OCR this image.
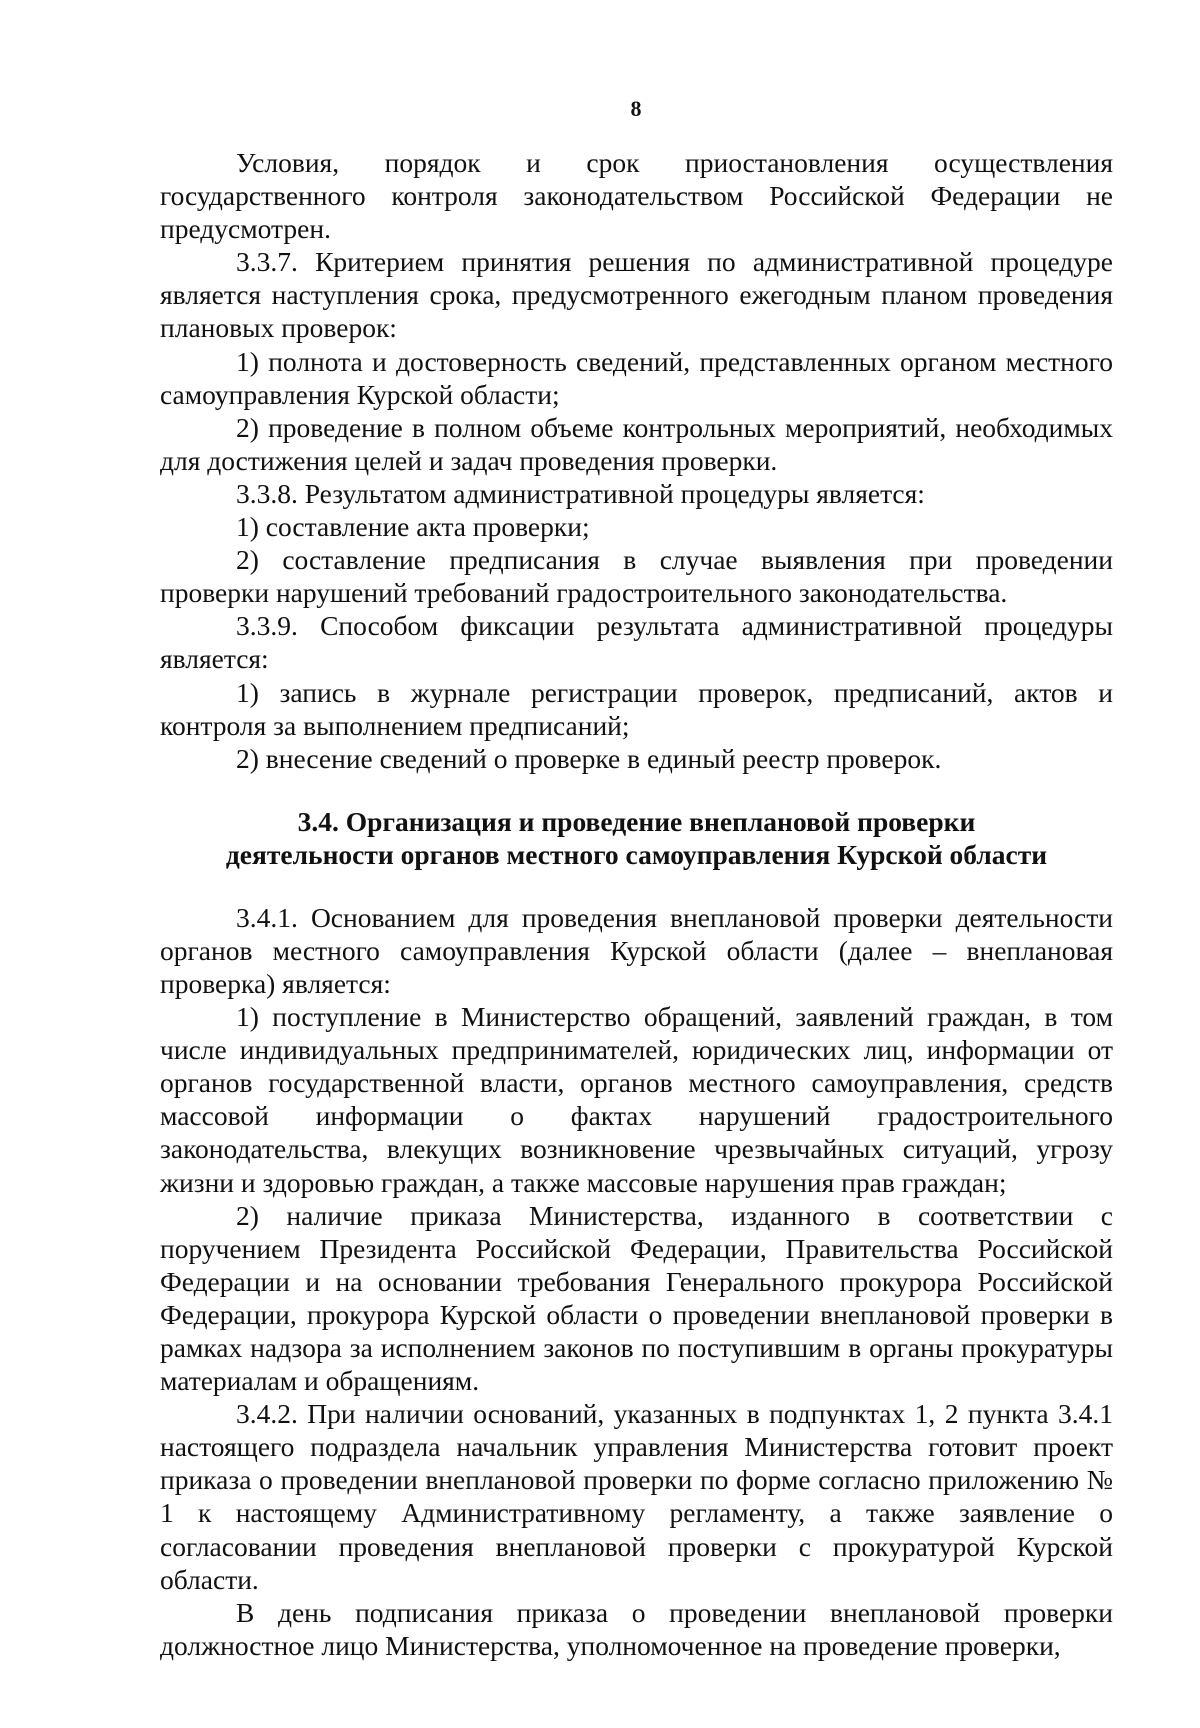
8

Условия, порядок и срок приостановления осуществления государственного контроля законодательством Российской Федерации не предусмотрен.

3.3.7. Критерием принятия решения по административной процедуре является наступления срока, предусмотренного ежегодным планом проведения плановых проверок:

1) полнота и достоверность сведений, представленных органом местного самоуправления Курской области;

2) проведение в полном объеме контрольных мероприятий, необходимых для достижения целей и задач проведения проверки.

3.3.8. Результатом административной процедуры является:

1) составление акта проверки;

2) составление предписания в случае выявления при проведении проверки нарушений требований градостроительного законодательства.

3.3.9. Способом фиксации результата административной процедуры является:

1) запись в журнале регистрации проверок, предписаний, актов и контроля за выполнением предписаний;

2) внесение сведений о проверке в единый реестр проверок.

3.4. Организация и проведение внеплановой проверки
деятельности органов местного самоуправления Курской области

3.4.1. Основанием для проведения внеплановой проверки деятельности органов местного самоуправления Курской области (далее – внеплановая проверка) является:

1) поступление в Министерство обращений, заявлений граждан, в том числе индивидуальных предпринимателей, юридических лиц, информации от органов государственной власти, органов местного самоуправления, средств массовой информации о фактах нарушений градостроительного законодательства, влекущих возникновение чрезвычайных ситуаций, угрозу жизни и здоровью граждан, а также массовые нарушения прав граждан;

2) наличие приказа Министерства, изданного в соответствии с поручением Президента Российской Федерации, Правительства Российской Федерации и на основании требования Генерального прокурора Российской Федерации, прокурора Курской области о проведении внеплановой проверки в рамках надзора за исполнением законов по поступившим в органы прокуратуры материалам и обращениям.

3.4.2. При наличии оснований, указанных в подпунктах 1, 2 пункта 3.4.1 настоящего подраздела начальник управления Министерства готовит проект приказа о проведении внеплановой проверки по форме согласно приложению № 1 к настоящему Административному регламенту, а также заявление о согласовании проведения внеплановой проверки с прокуратурой Курской области.

В день подписания приказа о проведении внеплановой проверки должностное лицо Министерства, уполномоченное на проведение проверки,
